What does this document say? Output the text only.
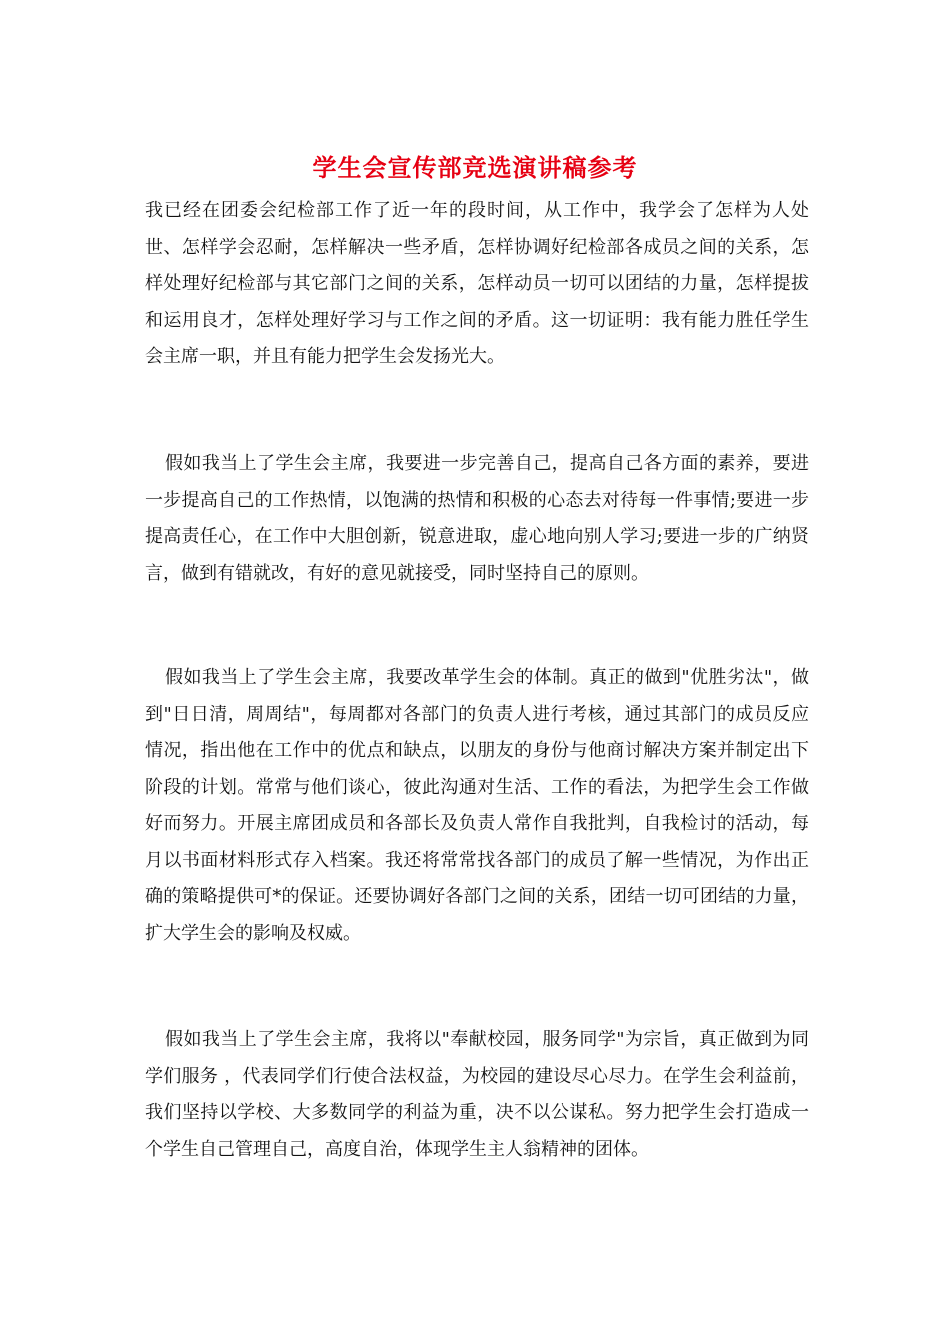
学生会宣传部竞选演讲稿参考

我已经在团委会纪检部工作了近一年的段时间，从工作中，我学会了怎样为人处世、怎样学会忍耐，怎样解决一些矛盾，怎样协调好纪检部各成员之间的关系，怎样处理好纪检部与其它部门之间的关系，怎样动员一切可以团结的力量，怎样提拔和运用良才，怎样处理好学习与工作之间的矛盾。这一切证明：我有能力胜任学生会主席一职，并且有能力把学生会发扬光大。

假如我当上了学生会主席，我要进一步完善自己，提高自己各方面的素养，要进一步提高自己的工作热情，以饱满的热情和积极的心态去对待每一件事情;要进一步提高责任心，在工作中大胆创新，锐意进取，虚心地向别人学习;要进一步的广纳贤言，做到有错就改，有好的意见就接受，同时坚持自己的原则。

假如我当上了学生会主席，我要改革学生会的体制。真正的做到"优胜劣汰"，做到"日日清，周周结"，每周都对各部门的负责人进行考核，通过其部门的成员反应情况，指出他在工作中的优点和缺点，以朋友的身份与他商讨解决方案并制定出下阶段的计划。常常与他们谈心，彼此沟通对生活、工作的看法，为把学生会工作做好而努力。开展主席团成员和各部长及负责人常作自我批判，自我检讨的活动，每月以书面材料形式存入档案。我还将常常找各部门的成员了解一些情况，为作出正确的策略提供可*的保证。还要协调好各部门之间的关系，团结一切可团结的力量，扩大学生会的影响及权威。

假如我当上了学生会主席，我将以"奉献校园，服务同学"为宗旨，真正做到为同学们服务 ，代表同学们行使合法权益，为校园的建设尽心尽力。在学生会利益前，我们坚持以学校、大多数同学的利益为重，决不以公谋私。努力把学生会打造成一个学生自己管理自己，高度自治，体现学生主人翁精神的团体。
